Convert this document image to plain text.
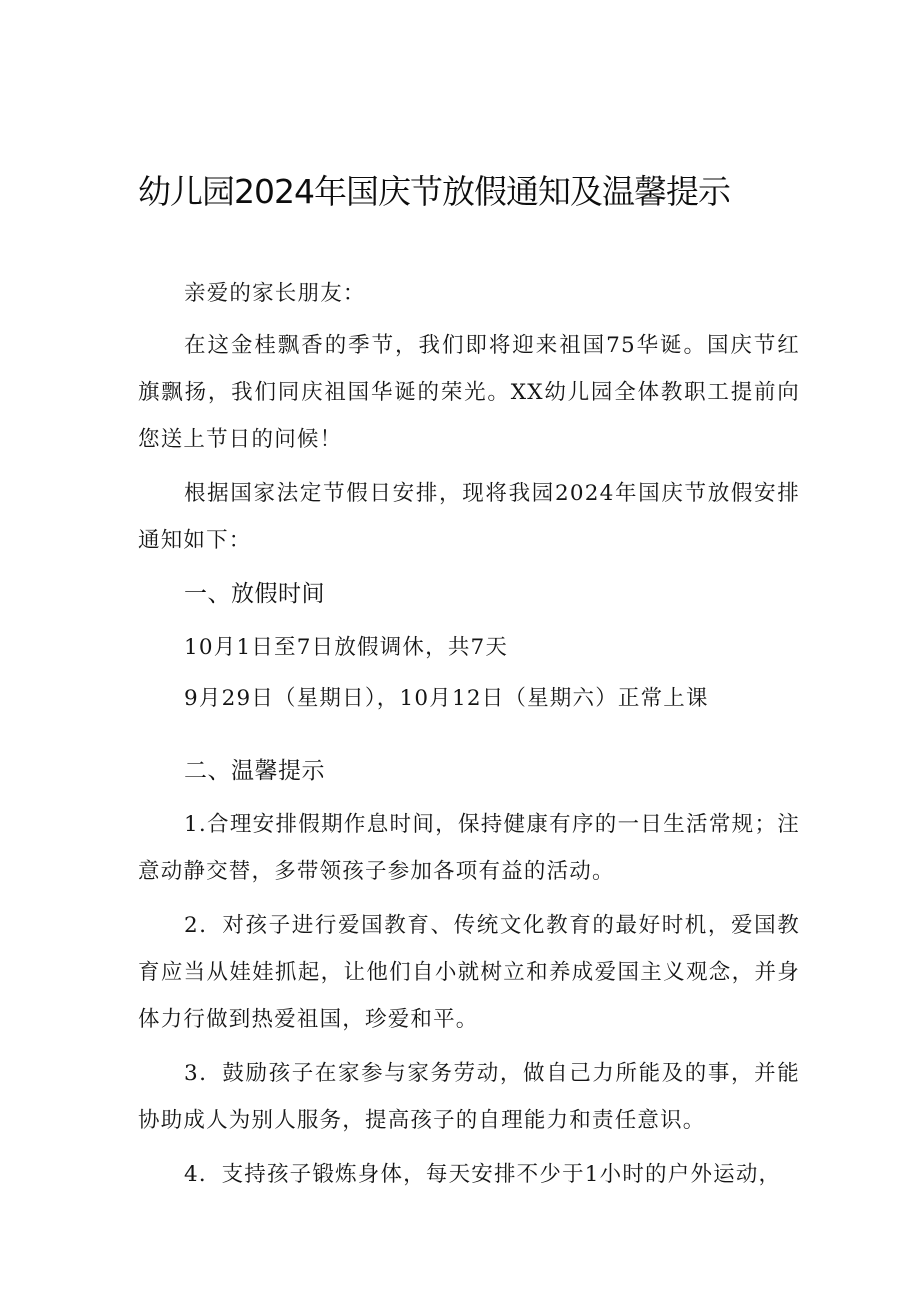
幼儿园2024年国庆节放假通知及温馨提示

亲爱的家长朋友：

在这金桂飘香的季节，我们即将迎来祖国75华诞。国庆节红旗飘扬，我们同庆祖国华诞的荣光。XX幼儿园全体教职工提前向您送上节日的问候！

根据国家法定节假日安排，现将我园2024年国庆节放假安排通知如下：

一、放假时间

10月1日至7日放假调休，共7天

9月29日（星期日），10月12日（星期六）正常上课

二、温馨提示

1.合理安排假期作息时间，保持健康有序的一日生活常规；注意动静交替，多带领孩子参加各项有益的活动。

2．对孩子进行爱国教育、传统文化教育的最好时机，爱国教育应当从娃娃抓起，让他们自小就树立和养成爱国主义观念，并身体力行做到热爱祖国，珍爱和平。

3．鼓励孩子在家参与家务劳动，做自己力所能及的事，并能协助成人为别人服务，提高孩子的自理能力和责任意识。

4．支持孩子锻炼身体，每天安排不少于1小时的户外运动，
